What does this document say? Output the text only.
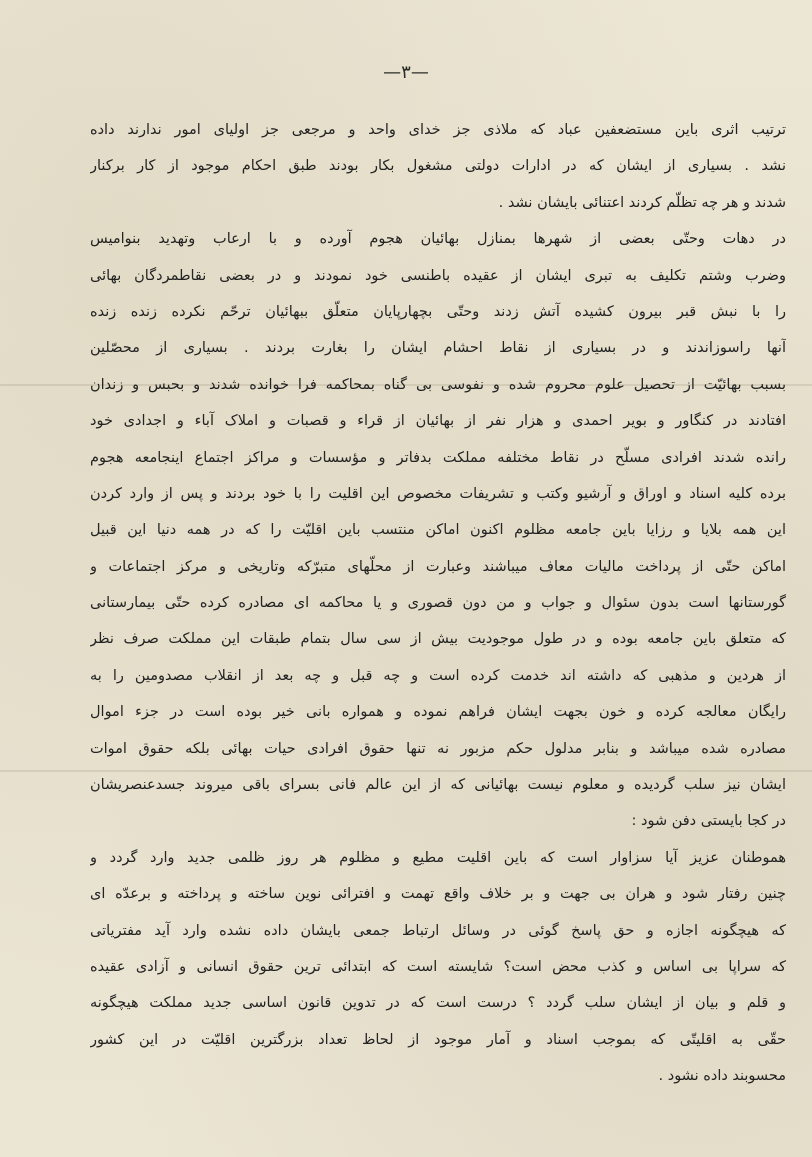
—٣—
ترتیب اثری باین مستضعفین عباد که ملاذی جز خدای واحد و مرجعی جز اولیای امور ندارند داده
نشد . بسیاری از ایشان که در ادارات دولتی مشغول بکار بودند طبق احکام موجود از کار برکنار
شدند و هر چه تظلّم کردند اعتنائی بایشان نشد .
در دهات وحتّی بعضی از شهرها بمنازل بهائیان هجوم آورده و با ارعاب وتهدید بنوامیس
وضرب وشتم تکلیف به تبری ایشان از عقیده باطنسی خود نمودند و در بعضی نقاطمردگان بهائی
را با نبش قبر بیرون کشیده آتش زدند وحتّی بچهارپایان متعلّق ببهائیان ترحّم نکرده زنده زنده
آنها راسوزاندند و در بسیاری از نقاط احشام ایشان را بغارت بردند . بسیاری از محصّلین
بسبب بهائیّت از تحصیل علوم محروم شده و نفوسی بی گناه بمحاکمه فرا خوانده شدند و بحبس و زندان
افتادند در کنگاور و بویر احمدی و هزار نفر از بهائیان از قراء و قصبات و املاک آباء و اجدادی خود
رانده شدند افرادی مسلّح در نقاط مختلفه مملکت بدفاتر و مؤسسات و مراکز اجتماع اینجامعه هجوم
برده کلیه اسناد و اوراق و آرشیو وکتب و تشریفات مخصوص این اقلیت را با خود بردند و پس از وارد کردن
این همه بلایا و رزایا باین جامعه مظلوم اکنون اماکن منتسب باین اقلیّت را که در همه دنیا این قبیل
اماکن حتّی از پرداخت مالیات معاف میباشند وعبارت از محلّهای متبرّکه وتاریخی و مرکز اجتماعات و
گورستانها است بدون سئوال و جواب و من دون قصوری و یا محاکمه ای مصادره کرده حتّی بیمارستانی
که متعلق باین جامعه بوده و در طول موجودیت بیش از سی سال بتمام طبقات این مملکت صرف نظر
از هردین و مذهبی که داشته اند خدمت کرده است و چه قبل و چه بعد از انقلاب مصدومین را به
رایگان معالجه کرده و خون بجهت ایشان فراهم نموده و همواره بانی خیر بوده است در جزء اموال
مصادره شده میباشد و بنابر مدلول حکم مزبور نه تنها حقوق افرادی حیات بهائی بلکه حقوق اموات
ایشان نیز سلب گردیده و معلوم نیست بهائیانی که از این عالم فانی بسرای باقی میروند جسدعنصریشان
در کجا بایستی دفن شود :
هموطنان عزیز آیا سزاوار است که باین اقلیت مطیع و مظلوم هر روز ظلمی جدید وارد گردد و
چنین رفتار شود و هران بی جهت و بر خلاف واقع تهمت و افترائی نوین ساخته و پرداخته و برعدّه ای
که هیچگونه اجازه و حق پاسخ گوئی در وسائل ارتباط جمعی بایشان داده نشده وارد آید مفترياتی
که سراپا بی اساس و کذب محض است؟ شایسته است که ابتدائی ترین حقوق انسانی و آزادی عقیده
و قلم و بیان از ایشان سلب گردد ؟ درست است که در تدوین قانون اساسی جدید مملکت هیچگونه
حقّی به اقلیتّی که بموجب اسناد و آمار موجود از لحاظ تعداد بزرگترین اقلیّت در این کشور
محسوبند داده نشود .
